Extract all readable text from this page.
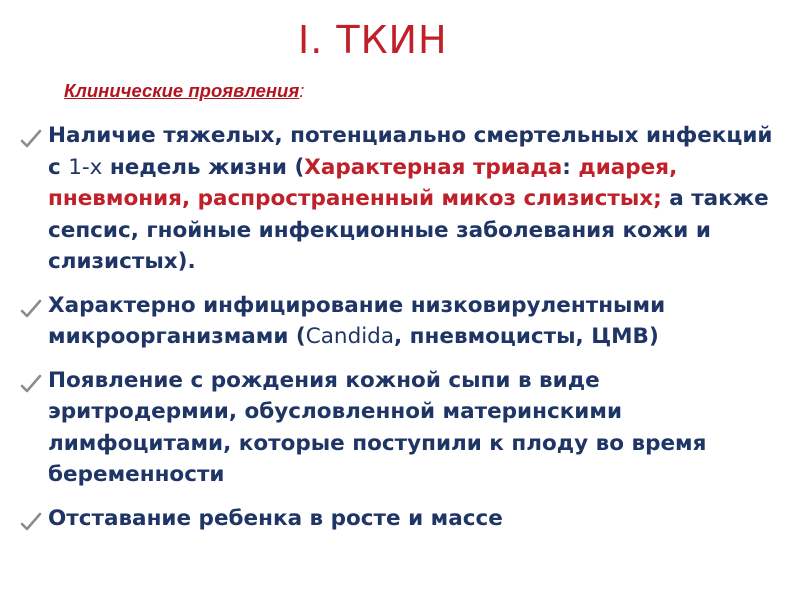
I. ТКИН
Клинические проявления:
Наличие тяжелых, потенциально смертельных инфекций с 1-х недель жизни (Характерная триада: диарея, пневмония, распространенный микоз слизистых; а также сепсис, гнойные инфекционные заболевания кожи и слизистых).
Характерно инфицирование низковирулентными микроорганизмами (Candida, пневмоцисты, ЦМВ)
Появление с рождения кожной сыпи в виде эритродермии, обусловленной материнскими лимфоцитами, которые поступили к плоду во время беременности
Отставание ребенка в росте и массе
